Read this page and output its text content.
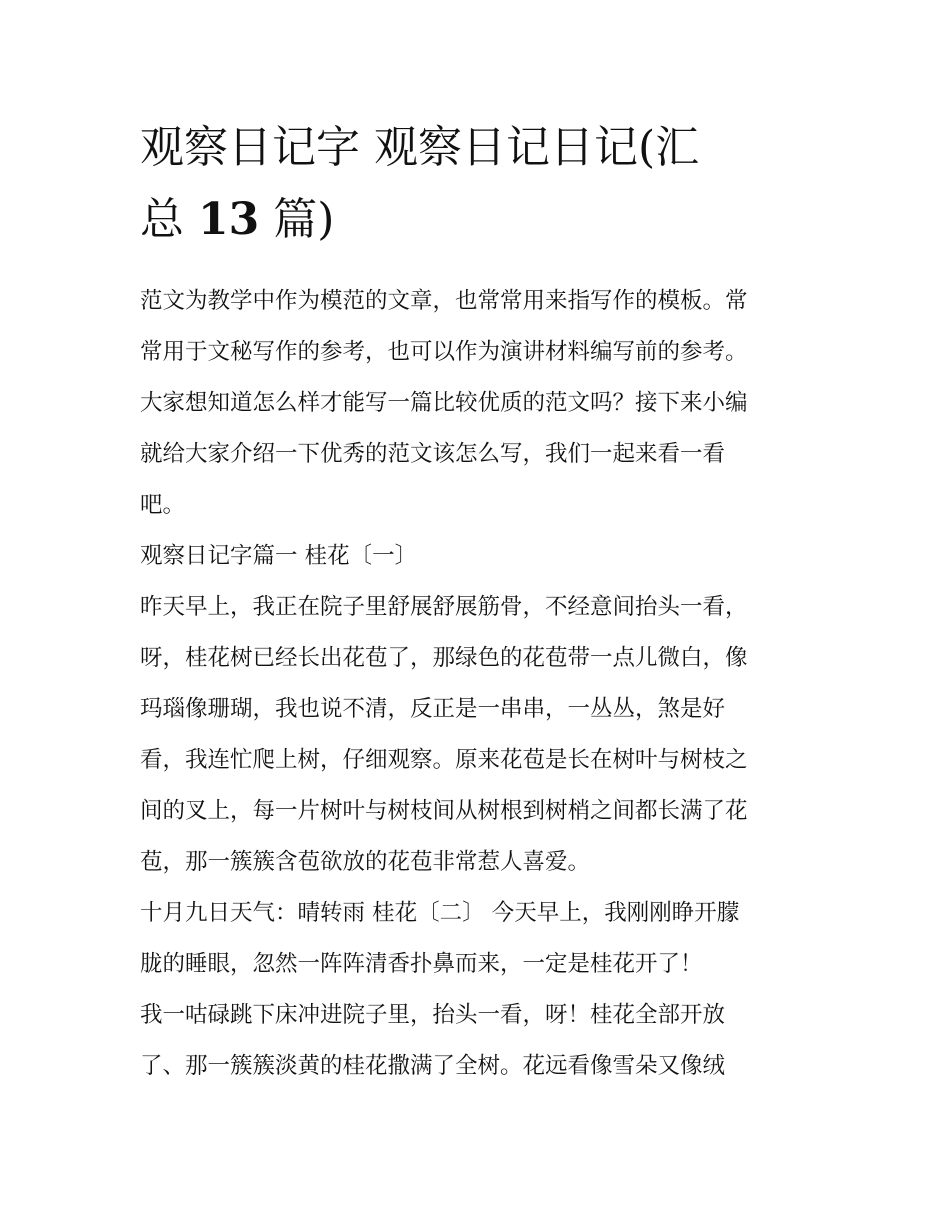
观察日记字 观察日记日记(汇
总 13 篇)
范文为教学中作为模范的文章，也常常用来指写作的模板。常
常用于文秘写作的参考，也可以作为演讲材料编写前的参考。
大家想知道怎么样才能写一篇比较优质的范文吗？接下来小编
就给大家介绍一下优秀的范文该怎么写，我们一起来看一看
吧。
观察日记字篇一 桂花〔一〕
昨天早上，我正在院子里舒展舒展筋骨，不经意间抬头一看，
呀，桂花树已经长出花苞了，那绿色的花苞带一点儿微白，像
玛瑙像珊瑚，我也说不清，反正是一串串，一丛丛，煞是好
看，我连忙爬上树，仔细观察。原来花苞是长在树叶与树枝之
间的叉上，每一片树叶与树枝间从树根到树梢之间都长满了花
苞，那一簇簇含苞欲放的花苞非常惹人喜爱。
十月九日天气：晴转雨 桂花〔二〕 今天早上，我刚刚睁开朦
胧的睡眼，忽然一阵阵清香扑鼻而来，一定是桂花开了！
我一咕碌跳下床冲进院子里，抬头一看，呀！桂花全部开放
了、那一簇簇淡黄的桂花撒满了全树。花远看像雪朵又像绒
